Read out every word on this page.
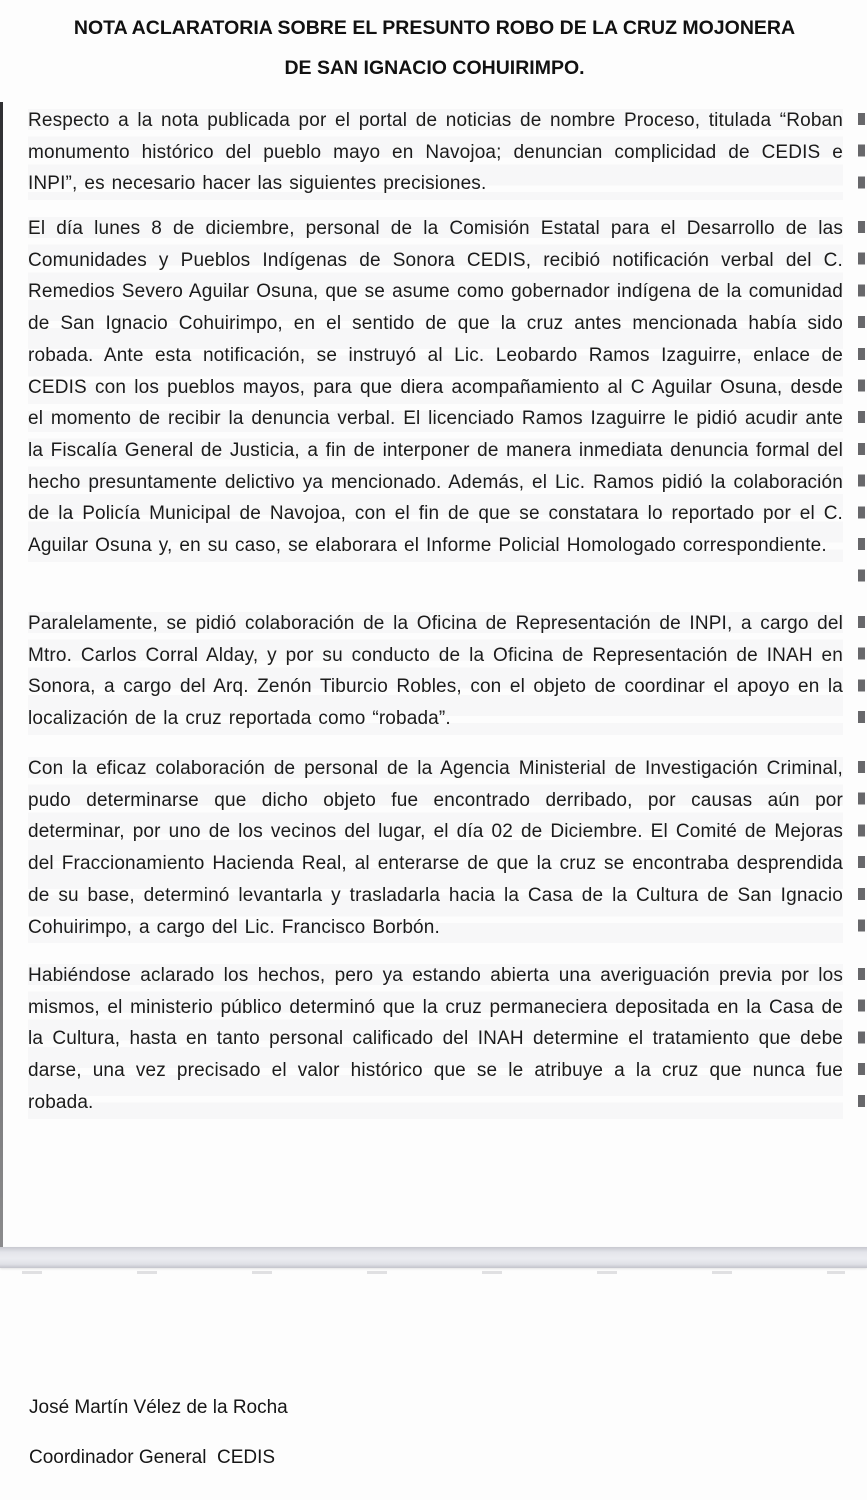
NOTA ACLARATORIA SOBRE EL PRESUNTO ROBO DE LA CRUZ MOJONERA
DE SAN IGNACIO COHUIRIMPO.

Respecto a la nota publicada por el portal de noticias de nombre Proceso, titulada “Roban monumento histórico del pueblo mayo en Navojoa; denuncian complicidad de CEDIS e INPI”, es necesario hacer las siguientes precisiones.

El día lunes 8 de diciembre, personal de la Comisión Estatal para el Desarrollo de las Comunidades y Pueblos Indígenas de Sonora CEDIS, recibió notificación verbal del C. Remedios Severo Aguilar Osuna, que se asume como gobernador indígena de la comunidad de San Ignacio Cohuirimpo, en el sentido de que la cruz antes mencionada había sido robada. Ante esta notificación, se instruyó al Lic. Leobardo Ramos Izaguirre, enlace de CEDIS con los pueblos mayos, para que diera acompañamiento al C Aguilar Osuna, desde el momento de recibir la denuncia verbal. El licenciado Ramos Izaguirre le pidió acudir ante la Fiscalía General de Justicia, a fin de interponer de manera inmediata denuncia formal del hecho presuntamente delictivo ya mencionado. Además, el Lic. Ramos pidió la colaboración de la Policía Municipal de Navojoa, con el fin de que se constatara lo reportado por el C. Aguilar Osuna y, en su caso, se elaborara el Informe Policial Homologado correspondiente.

Paralelamente, se pidió colaboración de la Oficina de Representación de INPI, a cargo del Mtro. Carlos Corral Alday, y por su conducto de la Oficina de Representación de INAH en Sonora, a cargo del Arq. Zenón Tiburcio Robles, con el objeto de coordinar el apoyo en la localización de la cruz reportada como “robada”.

Con la eficaz colaboración de personal de la Agencia Ministerial de Investigación Criminal, pudo determinarse que dicho objeto fue encontrado derribado, por causas aún por determinar, por uno de los vecinos del lugar, el día 02 de Diciembre. El Comité de Mejoras del Fraccionamiento Hacienda Real, al enterarse de que la cruz se encontraba desprendida de su base, determinó levantarla y trasladarla hacia la Casa de la Cultura de San Ignacio Cohuirimpo, a cargo del Lic. Francisco Borbón.

Habiéndose aclarado los hechos, pero ya estando abierta una averiguación previa por los mismos, el ministerio público determinó que la cruz permaneciera depositada en la Casa de la Cultura, hasta en tanto personal calificado del INAH determine el tratamiento que debe darse, una vez precisado el valor histórico que se le atribuye a la cruz que nunca fue robada.

José Martín Vélez de la Rocha
Coordinador General  CEDIS
